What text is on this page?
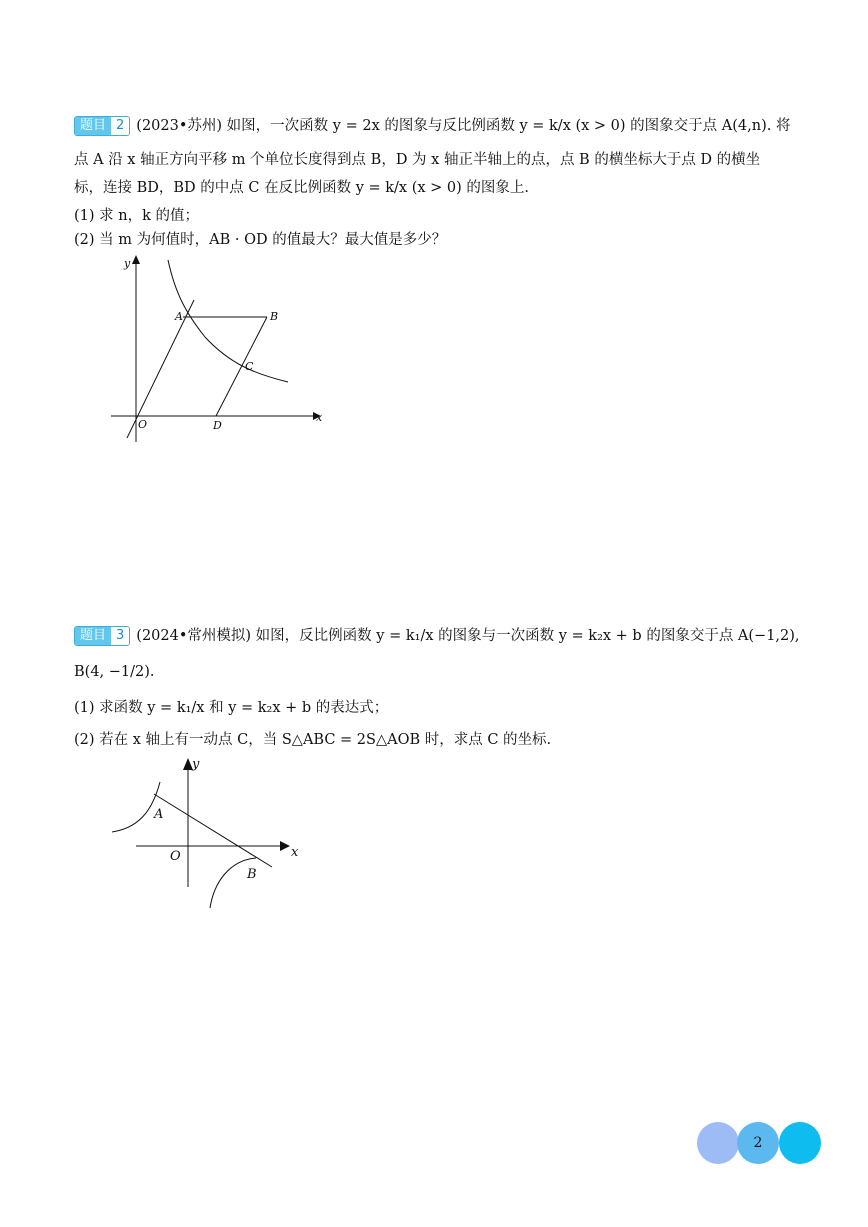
题目 2 (2023•苏州) 如图，一次函数 y = 2x 的图象与反比例函数 y = k/x (x > 0) 的图象交于点 A(4,n). 将
点 A 沿 x 轴正方向平移 m 个单位长度得到点 B，D 为 x 轴正半轴上的点，点 B 的横坐标大于点 D 的横坐
标，连接 BD，BD 的中点 C 在反比例函数 y = k/x (x > 0) 的图象上.
(1) 求 n，k 的值；
(2) 当 m 为何值时，AB · OD 的值最大？最大值是多少？
A	B
C
O	D
y
x
题目 3 (2024•常州模拟) 如图，反比例函数 y = k₁/x 的图象与一次函数 y = k₂x + b 的图象交于点 A(−1,2),
B(4, −1/2).
(1) 求函数 y = k₁/x 和 y = k₂x + b 的表达式；
(2) 若在 x 轴上有一动点 C，当 S△ABC = 2S△AOB 时，求点 C 的坐标.
A
B
O
y
x
2
